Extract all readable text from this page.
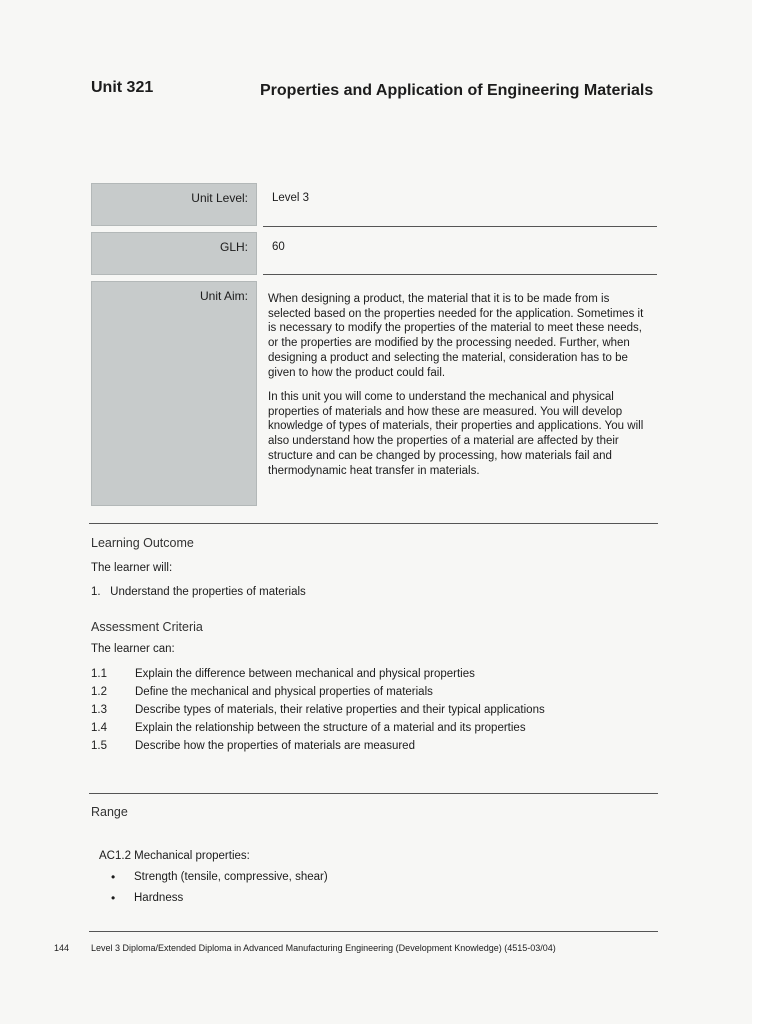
Unit 321	Properties and Application of Engineering Materials
Unit Level: Level 3
GLH: 60
Unit Aim: When designing a product, the material that it is to be made from is selected based on the properties needed for the application. Sometimes it is necessary to modify the properties of the material to meet these needs, or the properties are modified by the processing needed. Further, when designing a product and selecting the material, consideration has to be given to how the product could fail.

In this unit you will come to understand the mechanical and physical properties of materials and how these are measured. You will develop knowledge of types of materials, their properties and applications. You will also understand how the properties of a material are affected by their structure and can be changed by processing, how materials fail and thermodynamic heat transfer in materials.

Learning Outcome
The learner will:
1.   Understand the properties of materials
Assessment Criteria
The learner can:
1.1 Explain the difference between mechanical and physical properties
1.2 Define the mechanical and physical properties of materials
1.3 Describe types of materials, their relative properties and their typical applications
1.4 Explain the relationship between the structure of a material and its properties
1.5 Describe how the properties of materials are measured
Range
AC1.2 Mechanical properties:
• Strength (tensile, compressive, shear)
• Hardness
144 Level 3 Diploma/Extended Diploma in Advanced Manufacturing Engineering (Development Knowledge) (4515-03/04)
